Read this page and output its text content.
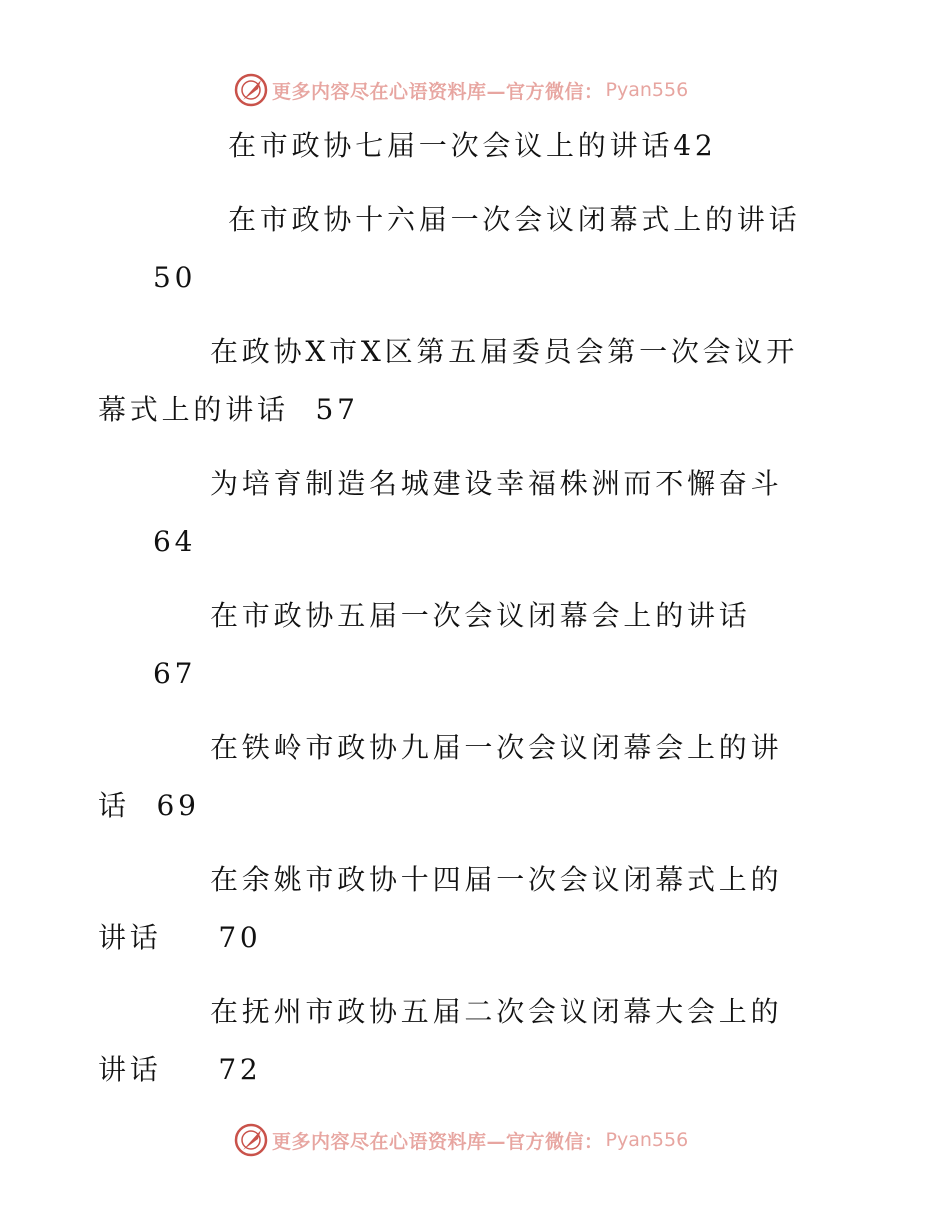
更多内容尽在心语资料库—官方微信： Pyan556
在市政协七届一次会议上的讲话42
在市政协十六届一次会议闭幕式上的讲话
50
在政协X市X区第五届委员会第一次会议开
幕式上的讲话 57
为培育制造名城建设幸福株洲而不懈奋斗
64
在市政协五届一次会议闭幕会上的讲话
67
在铁岭市政协九届一次会议闭幕会上的讲
话 69
在余姚市政协十四届一次会议闭幕式上的
讲话 70
在抚州市政协五届二次会议闭幕大会上的
讲话 72
更多内容尽在心语资料库—官方微信： Pyan556
